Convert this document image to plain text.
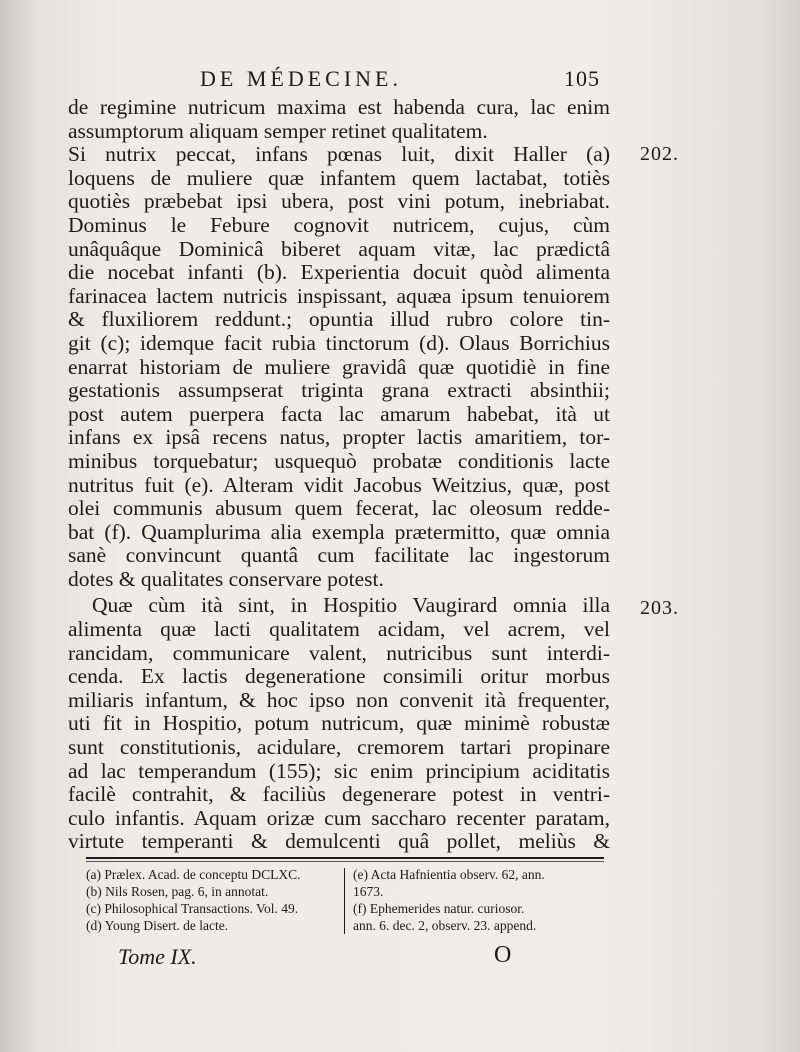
DE MÉDECINE.	105
de regimine nutricum maxima est habenda cura, lac enim
assumptorum aliquam semper retinet qualitatem.
Si nutrix peccat, infans pœnas luit, dixit Haller (a)
loquens de muliere quæ infantem quem lactabat, totiès
quotiès præbebat ipsi ubera, post vini potum, inebriabat.
Dominus le Febure cognovit nutricem, cujus, cùm
unâquâque Dominicâ biberet aquam vitæ, lac prædictâ
die nocebat infanti (b). Experientia docuit quòd alimenta
farinacea lactem nutricis inspissant, aquæa ipsum tenuiorem
& fluxiliorem reddunt.; opuntia illud rubro colore tin-
git (c); idemque facit rubia tinctorum (d). Olaus Borrichius
enarrat historiam de muliere gravidâ quæ quotidiè in fine
gestationis assumpserat triginta grana extracti absinthii;
post autem puerpera facta lac amarum habebat, ità ut
infans ex ipsâ recens natus, propter lactis amaritiem, tor-
minibus torquebatur; usquequò probatæ conditionis lacte
nutritus fuit (e). Alteram vidit Jacobus Weitzius, quæ, post
olei communis abusum quem fecerat, lac oleosum redde-
bat (f). Quamplurima alia exempla prætermitto, quæ omnia
sanè convincunt quantâ cum facilitate lac ingestorum
dotes & qualitates conservare potest.
Quæ cùm ità sint, in Hospitio Vaugirard omnia illa
alimenta quæ lacti qualitatem acidam, vel acrem, vel
rancidam, communicare valent, nutricibus sunt interdi-
cenda. Ex lactis degeneratione consimili oritur morbus
miliaris infantum, & hoc ipso non convenit ità frequenter,
uti fit in Hospitio, potum nutricum, quæ minimè robustæ
sunt constitutionis, acidulare, cremorem tartari propinare
ad lac temperandum (155); sic enim principium aciditatis
facilè contrahit, & faciliùs degenerare potest in ventri-
culo infantis. Aquam orizæ cum saccharo recenter paratam,
virtute temperanti & demulcenti quâ pollet, meliùs &
202.
203.
(a) Prælex. Acad. de conceptu DCLXC.
(b) Nils Rosen, pag. 6, in annotat.
(c) Philosophical Transactions. Vol. 49.
(d) Young Disert. de lacte.
(e) Acta Hafnientia observ. 62, ann.
1673.
(f) Ephemerides natur. curiosor.
ann. 6. dec. 2, observ. 23. append.
Tome IX.	O
